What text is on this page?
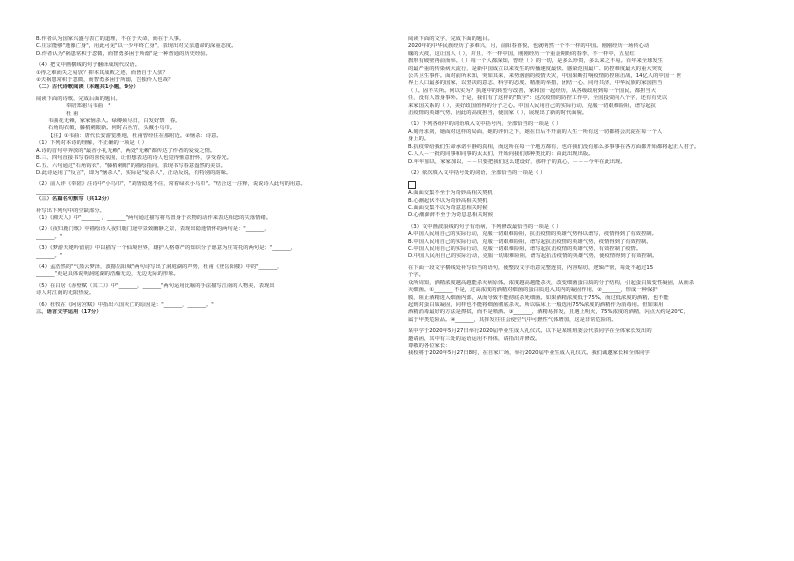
B.作者认为国家兴盛与表亡的道理，不在于天命，而在于人事。
C.庄宗能够"逸豫亡身"，用此可见"以一少年终亡身"，表现出对父亲遗命的深重态度。
D.作者认为"祸患常积于忽微，而智勇多困于所溺"是一种普通的历史经验。
（4）把文中画横线的句子翻译成现代汉语。
①得之难而失之易欤？抑本其成败之迹，而皆自于人欤？
②夫祸患常积于忽微，而智勇多困于所溺，岂独伶人也哉？
（二）古代诗歌阅读（本题共1小题，9分）
阅读下面的诗歌，完成后面的题目。
奉陪郑驸马韦曲　²
杜 甫
韦曲花无赖，家家恼杀人。绿樽须尽日，白发好禁　春。
石角钩衣破，藤梢刺眼新。何时占丛竹，头戴小乌巾。
【注】①韦曲：唐代长安游览胜地，杜甫曾经住在那附近。②恼杀：诗意。
（1）下列对本诗的理解，不正确的一项是（ ）
A.诗的首句中奔放的"最香小礼无赖"，两处"无赖"都传达了作者的爱爱之情。
B.三、四句直接书写春的喜悦氛围，让但想表达的诗人也觉得惬意舒怀，享受春光。
C.五、六句通过"石角钩衣"、"藤梢刺眼"的描绘指向，表现书写春意盎然的美景。
D.此诗运用了"反言"，即为"恼杀人"，实际是"爱杀人"，正话反说，有特别的韵味。
（2）前人评《奉陪》注诗中"小乌巾"，"刘皆隐逸不住，常着绿衣小乌巾"。"结合这一注释，说说诗人此句的用意。
__________________
（三）名篇名句默写（共12分）
补写出下列句中的空缺部分。
（1）《湘夫人》中"_______ ，_______"两句通过描写将鸟置身于衣物的动作来表达相恋的失落情绪。
（2）《夜归鹿门歌》中描绘诗人夜归鹿门途中景致幽静之景，表现出隐逸情怀的两句是："_______，
_______。"
（3）《梦游天姥吟留别》中以描写一个仙境世界，雄护人格尊严的知识分子愿意为庄寄托的两句是："_______，
_______。"
（4）孟浩然的"气蒸云梦泽，波撼岳阳城"两句诗写出了洞庭湖的声势，杜甫《登岳阳楼》中的"_______，
_______"更是具体说明洞庭湖的浩瀚无边，无边无际的形象。
（5）在白居《赤壁赋（其二）》中"_______，_______"两句运用比喻的手法描写江南的人物美，表现出
诗人对江南的无限热爱。
（6）杜牧在《阿房宫赋》中指出六国灭亡的原因是："_______，_______。"
三、语言文字运用（17分）
阅读下面的文字，完成下面的题目。
2020年的中华民族经历了多难兴，月，前阳春喜悦，也就明然一个不一样的中国。刚刚经历一场传心动
魄的大疫，这让国人（ ），并且，不一样中国，刚刚经历一个重金期盼的春季，不一样中，五星红
旗形有破壁再前而举。（ ）每一个人都深知，曾经（ ）的一切，是多么珍贵，多么来之不易。百年来全球发生
的最严重的传染病大流行，是新中国成立以来发生的传播速度最快、感染范围最广、防控难度最大的重大突发
公共卫生事件。面对前所未知，突如其来，来势汹汹的疫情天灾，中国果断打响疫情防控阻击战，14亿人的中国一 世
界上人口最多的国家，以坚决的意志、科学的态度、精准的举措，团结一心、同舟共济，中华民族的家国担当
（ ）。固不失所。何以实为？执迷中的转型与改善，家和国一起经历，从各级政府到每一个国民，都担当大
任，没有人置身事外。于是，我们有了这样的"数字"：这次疫情的防控工作中，全国投资向八个字，还有有史以
来家国关系的（ ），美好政国值得的分子之心。中国人民用自己的实际行动，克服一切艰难险阻，谱写起抗
击疫情的英雄气势，因此的高度担当，使国家（ ），展现出了新的时代面貌。
（1）下列各组中的词语填入文中括号内，全部恰当的一项是（ ）
A.刻舟求剑，她面对这样的局面，她的评价之下，她在日后不开前的人生一所有这一切都将会沉淀在每一个人
身上的。
B.抗疫带给我们生命承诺平静的真相，而这所在每一个地方都有，也许我们没有那么多事事在各方面都开始都将起正人君子。
C.人人－一批的同事和同事的太太们，开始向我们那种类比的：由此出现出版。
D.年年加以，家家加以，－－只要把我们这么建设好，那样子的真心，－－－今年在此出现。
（2）依次填入文中括号处的词语，全部恰当的一项是（ ）
A.面面交集不至于为奇妙高相关契机
B.心潮起伏不以为奇妙高相关契机
C.面面交集不以为奇意息相关时候
D.心潮澎湃不至于为奇息息相关时候
（3）文中画波浪线的句子有语病，下列修改最恰当的一项是（ ）
A.中国人民用自己的实际行动，克服一切艰难险阻，抗击疫情的英雄气势得以谱写，疫情得到了有效控制。
B.中国人民用自己的实际行动，克服一切艰难险阻，谱写起抗击疫情的英雄气势，疫情得到了有效控制。
C.中国人民用自己的实际行动，克服一切艰难险阻，谱写起抗击疫情的英雄气势，有效控制了疫情。
D.中国人民用自己的实际行动，克服一切艰难险阻，谱写起抗击疫情的英雄气势，使疫情得到了有效控制。
在下面一段文字横线处补写恰当的语句，使整段文字语意完整连贯，内容贴切，逻辑严密，每处不超过15
个字。
众所周知，酒精浓度越高越能杀灭病原体。浓度越高越能杀灭，改变细菌蛋白质的分子结构，引起蛋白质变性凝固，从而杀
灭细菌。①_______ 不是，过高浓度的酒精对细菌的蛋白质进入其内的凝固作用，②_______，形成一种保护
膜，阻止酒精进入细菌内部，从而导致不能彻底杀死细菌。如果酒精浓度低于75%，而过低浓度的酒精，也不能
起到对蛋白质凝固，同样也不能将细菌彻底杀灭。所以临床上一般选用75%浓度的酒精作为消毒用。但如果用
酒精消毒最好的方法是擦拭，而不是喷洒。③_______，酒精易挥发，且遇上明火，75%浓度的酒精，闪点大约是20℃，
属于甲类危险品。④_______，其挥发往往会使空气中可燃性气体增加，这是非常危险的。
某中学于2020年5月27日举行2020届毕业生成人礼仪式。以下是某班班委会代表同学在全体家长发出的
邀请函，其中有三处的运语运用不得体，请指出并修改。
尊敬的各位家长：
我校将于2020年5月27日8时，在自家广场，举行2020届毕业生成人礼仪式。我们诚邀家长和全体同学
